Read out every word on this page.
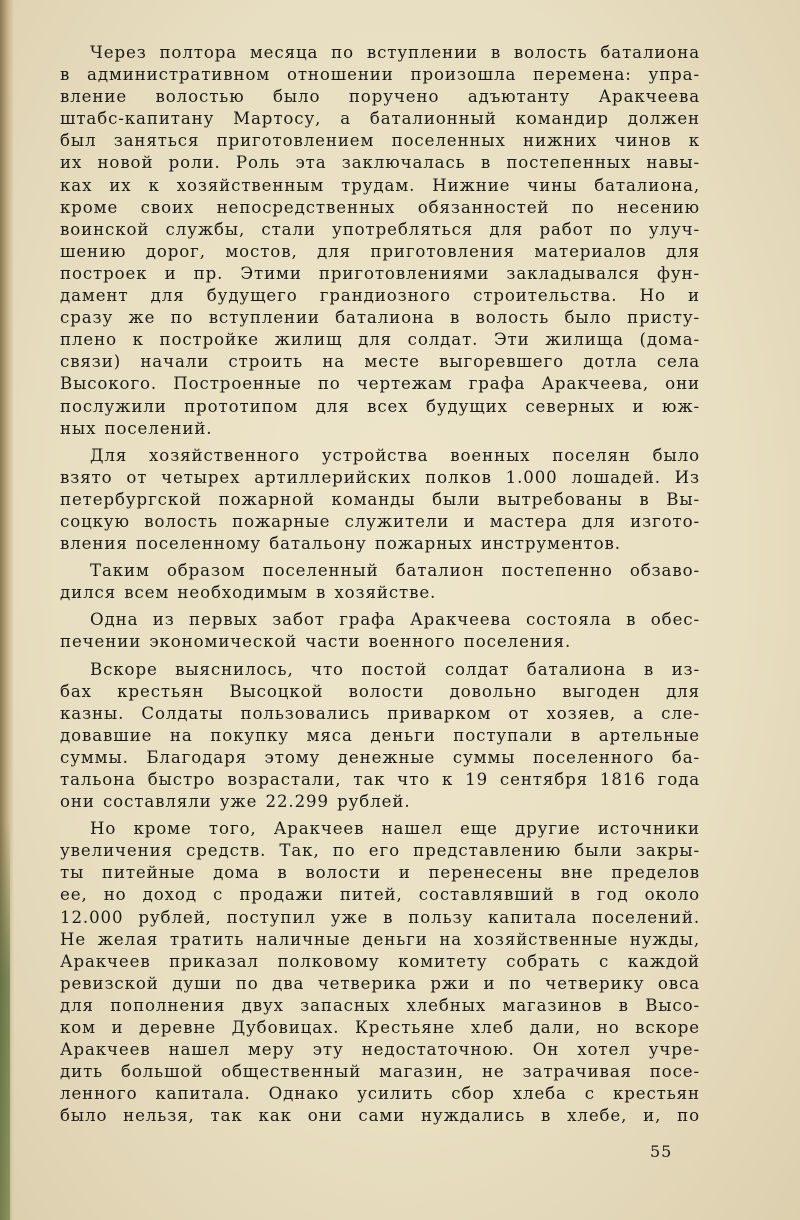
Через полтора месяца по вступлении в волость баталиона
в административном отношении произошла перемена: упра-
вление волостью было поручено адъютанту Аракчеева
штабс-капитану Мартосу, а баталионный командир должен
был заняться приготовлением поселенных нижних чинов к
их новой роли. Роль эта заключалась в постепенных навы-
ках их к хозяйственным трудам. Нижние чины баталиона,
кроме своих непосредственных обязанностей по несению
воинской службы, стали употребляться для работ по улуч-
шению дорог, мостов, для приготовления материалов для
построек и пр. Этими приготовлениями закладывался фун-
дамент для будущего грандиозного строительства. Но и
сразу же по вступлении баталиона в волость было присту-
плено к постройке жилищ для солдат. Эти жилища (дома-
связи) начали строить на месте выгоревшего дотла села
Высокого. Построенные по чертежам графа Аракчеева, они
послужили прототипом для всех будущих северных и юж-
ных поселений.
Для хозяйственного устройства военных поселян было
взято от четырех артиллерийских полков 1.000 лошадей. Из
петербургской пожарной команды были вытребованы в Вы-
соцкую волость пожарные служители и мастера для изгото-
вления поселенному батальону пожарных инструментов.
Таким образом поселенный баталион постепенно обзаво-
дился всем необходимым в хозяйстве.
Одна из первых забот графа Аракчеева состояла в обес-
печении экономической части военного поселения.
Вскоре выяснилось, что постой солдат баталиона в из-
бах крестьян Высоцкой волости довольно выгоден для
казны. Солдаты пользовались приварком от хозяев, а сле-
довавшие на покупку мяса деньги поступали в артельные
суммы. Благодаря этому денежные суммы поселенного ба-
тальона быстро возрастали, так что к 19 сентября 1816 года
они составляли уже 22.299 рублей.
Но кроме того, Аракчеев нашел еще другие источники
увеличения средств. Так, по его представлению были закры-
ты питейные дома в волости и перенесены вне пределов
ее, но доход с продажи питей, составлявший в год около
12.000 рублей, поступил уже в пользу капитала поселений.
Не желая тратить наличные деньги на хозяйственные нужды,
Аракчеев приказал полковому комитету собрать с каждой
ревизской души по два четверика ржи и по четверику овса
для пополнения двух запасных хлебных магазинов в Высо-
ком и деревне Дубовицах. Крестьяне хлеб дали, но вскоре
Аракчеев нашел меру эту недостаточною. Он хотел учре-
дить большой общественный магазин, не затрачивая посе-
ленного капитала. Однако усилить сбор хлеба с крестьян
было нельзя, так как они сами нуждались в хлебе, и, по
55
